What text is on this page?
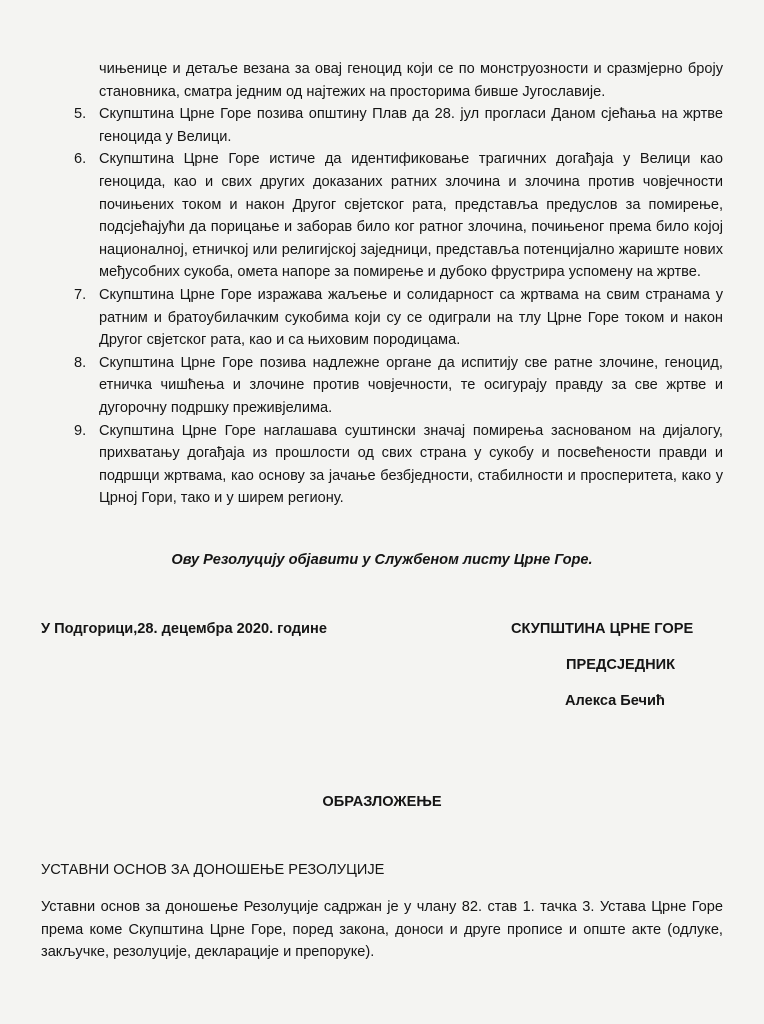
чињенице и детаље везана за овај геноцид који се по монструозности и сразмјерно броју становника, сматра једним од најтежих на просторима бивше Југославије.
5. Скупштина Црне Горе позива општину Плав да 28. јул прогласи Даном сјећања на жртве геноцида у Велици.
6. Скупштина Црне Горе истиче да идентификовање трагичних догађаја у Велици као геноцида, као и свих других доказаних ратних злочина и злочина против човјечности почињених током и након Другог свјетског рата, представља предуслов за помирење, подсјећајући да порицање и заборав било ког ратног злочина, почињеног према било којој националној, етничкој или религијској заједници, представља потенцијално жариште нових међусобних сукоба, омета напоре за помирење и дубоко фрустрира успомену на жртве.
7. Скупштина Црне Горе изражава жаљење и солидарност са жртвама на свим странама у ратним и братоубилачким сукобима који су се одиграли на тлу Црне Горе током и након Другог свјетског рата, као и са њиховим породицама.
8. Скупштина Црне Горе позива надлежне органе да испитију све ратне злочине, геноцид, етничка чишћења и злочине против човјечности, те осигурају правду за све жртве и дугорочну подршку преживјелима.
9. Скупштина Црне Горе наглашава суштински значај помирења заснованом на дијалогу, прихватању догађаја из прошлости од свих страна у сукобу и посвећености правди и подршци жртвама, као основу за јачање безбједности, стабилности и просперитета, како у Црној Гори, тако и у ширем региону.
Ову Резолуцију објавити у Службеном листу Црне Горе.
У Подгорици,28. децембра 2020. године	СКУПШТИНА ЦРНЕ ГОРЕ
ПРЕДСЈЕДНИК
Алекса Бечић
ОБРАЗЛОЖЕЊЕ
УСТАВНИ ОСНОВ ЗА ДОНОШЕЊЕ РЕЗОЛУЦИЈЕ
Уставни основ за доношење Резолуције садржан је у члану 82. став 1. тачка 3. Устава Црне Горе према коме Скупштина Црне Горе, поред закона, доноси и друге прописе и опште акте (одлуке, закључке, резолуције, декларације и препоруке).
